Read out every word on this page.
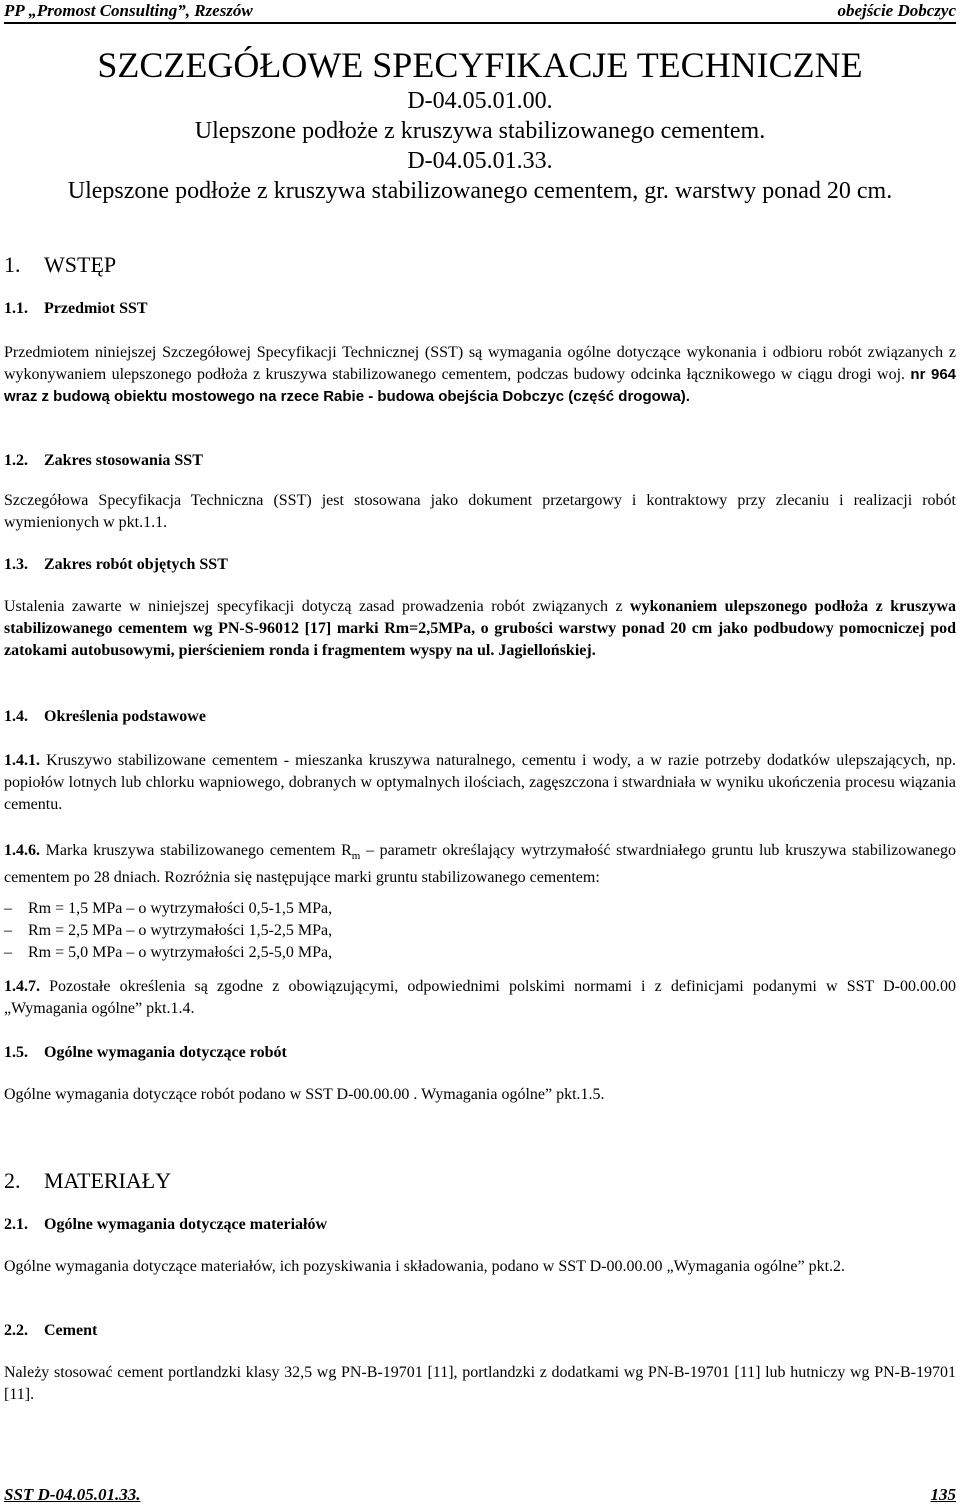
PP „Promost Consulting”, Rzeszów	obejście Dobczyc
SZCZEGÓŁOWE SPECYFIKACJE TECHNICZNE
D-04.05.01.00.
Ulepszone podłoże z kruszywa stabilizowanego cementem.
D-04.05.01.33.
Ulepszone podłoże z kruszywa stabilizowanego cementem, gr. warstwy ponad 20 cm.
1. WSTĘP
1.1. Przedmiot SST
Przedmiotem niniejszej Szczegółowej Specyfikacji Technicznej (SST) są wymagania ogólne dotyczące wykonania i odbioru robót związanych z wykonywaniem ulepszonego podłoża z kruszywa stabilizowanego cementem, podczas budowy odcinka łącznikowego w ciągu drogi woj. nr 964 wraz z budową obiektu mostowego na rzece Rabie - budowa obejścia Dobczyc (część drogowa).
1.2. Zakres stosowania SST
Szczegółowa Specyfikacja Techniczna (SST) jest stosowana jako dokument przetargowy i kontraktowy przy zlecaniu i realizacji robót wymienionych w pkt.1.1.
1.3. Zakres robót objętych SST
Ustalenia zawarte w niniejszej specyfikacji dotyczą zasad prowadzenia robót związanych z wykonaniem ulepszonego podłoża z kruszywa stabilizowanego cementem wg PN-S-96012 [17] marki Rm=2,5MPa, o grubości warstwy ponad 20 cm jako podbudowy pomocniczej pod zatokami autobusowymi, pierścieniem ronda i fragmentem wyspy na ul. Jagiellońskiej.
1.4. Określenia podstawowe
1.4.1. Kruszywo stabilizowane cementem - mieszanka kruszywa naturalnego, cementu i wody, a w razie potrzeby dodatków ulepszających, np. popiołów lotnych lub chlorku wapniowego, dobranych w optymalnych ilościach, zagęszczona i stwardniała w wyniku ukończenia procesu wiązania cementu.
1.4.6. Marka kruszywa stabilizowanego cementem $R_m$ – parametr określający wytrzymałość stwardniałego gruntu lub kruszywa stabilizowanego cementem po 28 dniach. Rozróżnia się następujące marki gruntu stabilizowanego cementem:
– Rm = 1,5 MPa – o wytrzymałości 0,5-1,5 MPa,
– Rm = 2,5 MPa – o wytrzymałości 1,5-2,5 MPa,
– Rm = 5,0 MPa – o wytrzymałości 2,5-5,0 MPa,
1.4.7. Pozostałe określenia są zgodne z obowiązującymi, odpowiednimi polskimi normami i z definicjami podanymi w SST D-00.00.00 „Wymagania ogólne” pkt.1.4.
1.5. Ogólne wymagania dotyczące robót
Ogólne wymagania dotyczące robót podano w SST D-00.00.00 . Wymagania ogólne” pkt.1.5.
2. MATERIAŁY
2.1. Ogólne wymagania dotyczące materiałów
Ogólne wymagania dotyczące materiałów, ich pozyskiwania i składowania, podano w SST D-00.00.00 „Wymagania ogólne” pkt.2.
2.2. Cement
Należy stosować cement portlandzki klasy 32,5 wg PN-B-19701 [11], portlandzki z dodatkami wg PN-B-19701 [11] lub hutniczy wg PN-B-19701 [11].
SST D-04.05.01.33.	135
